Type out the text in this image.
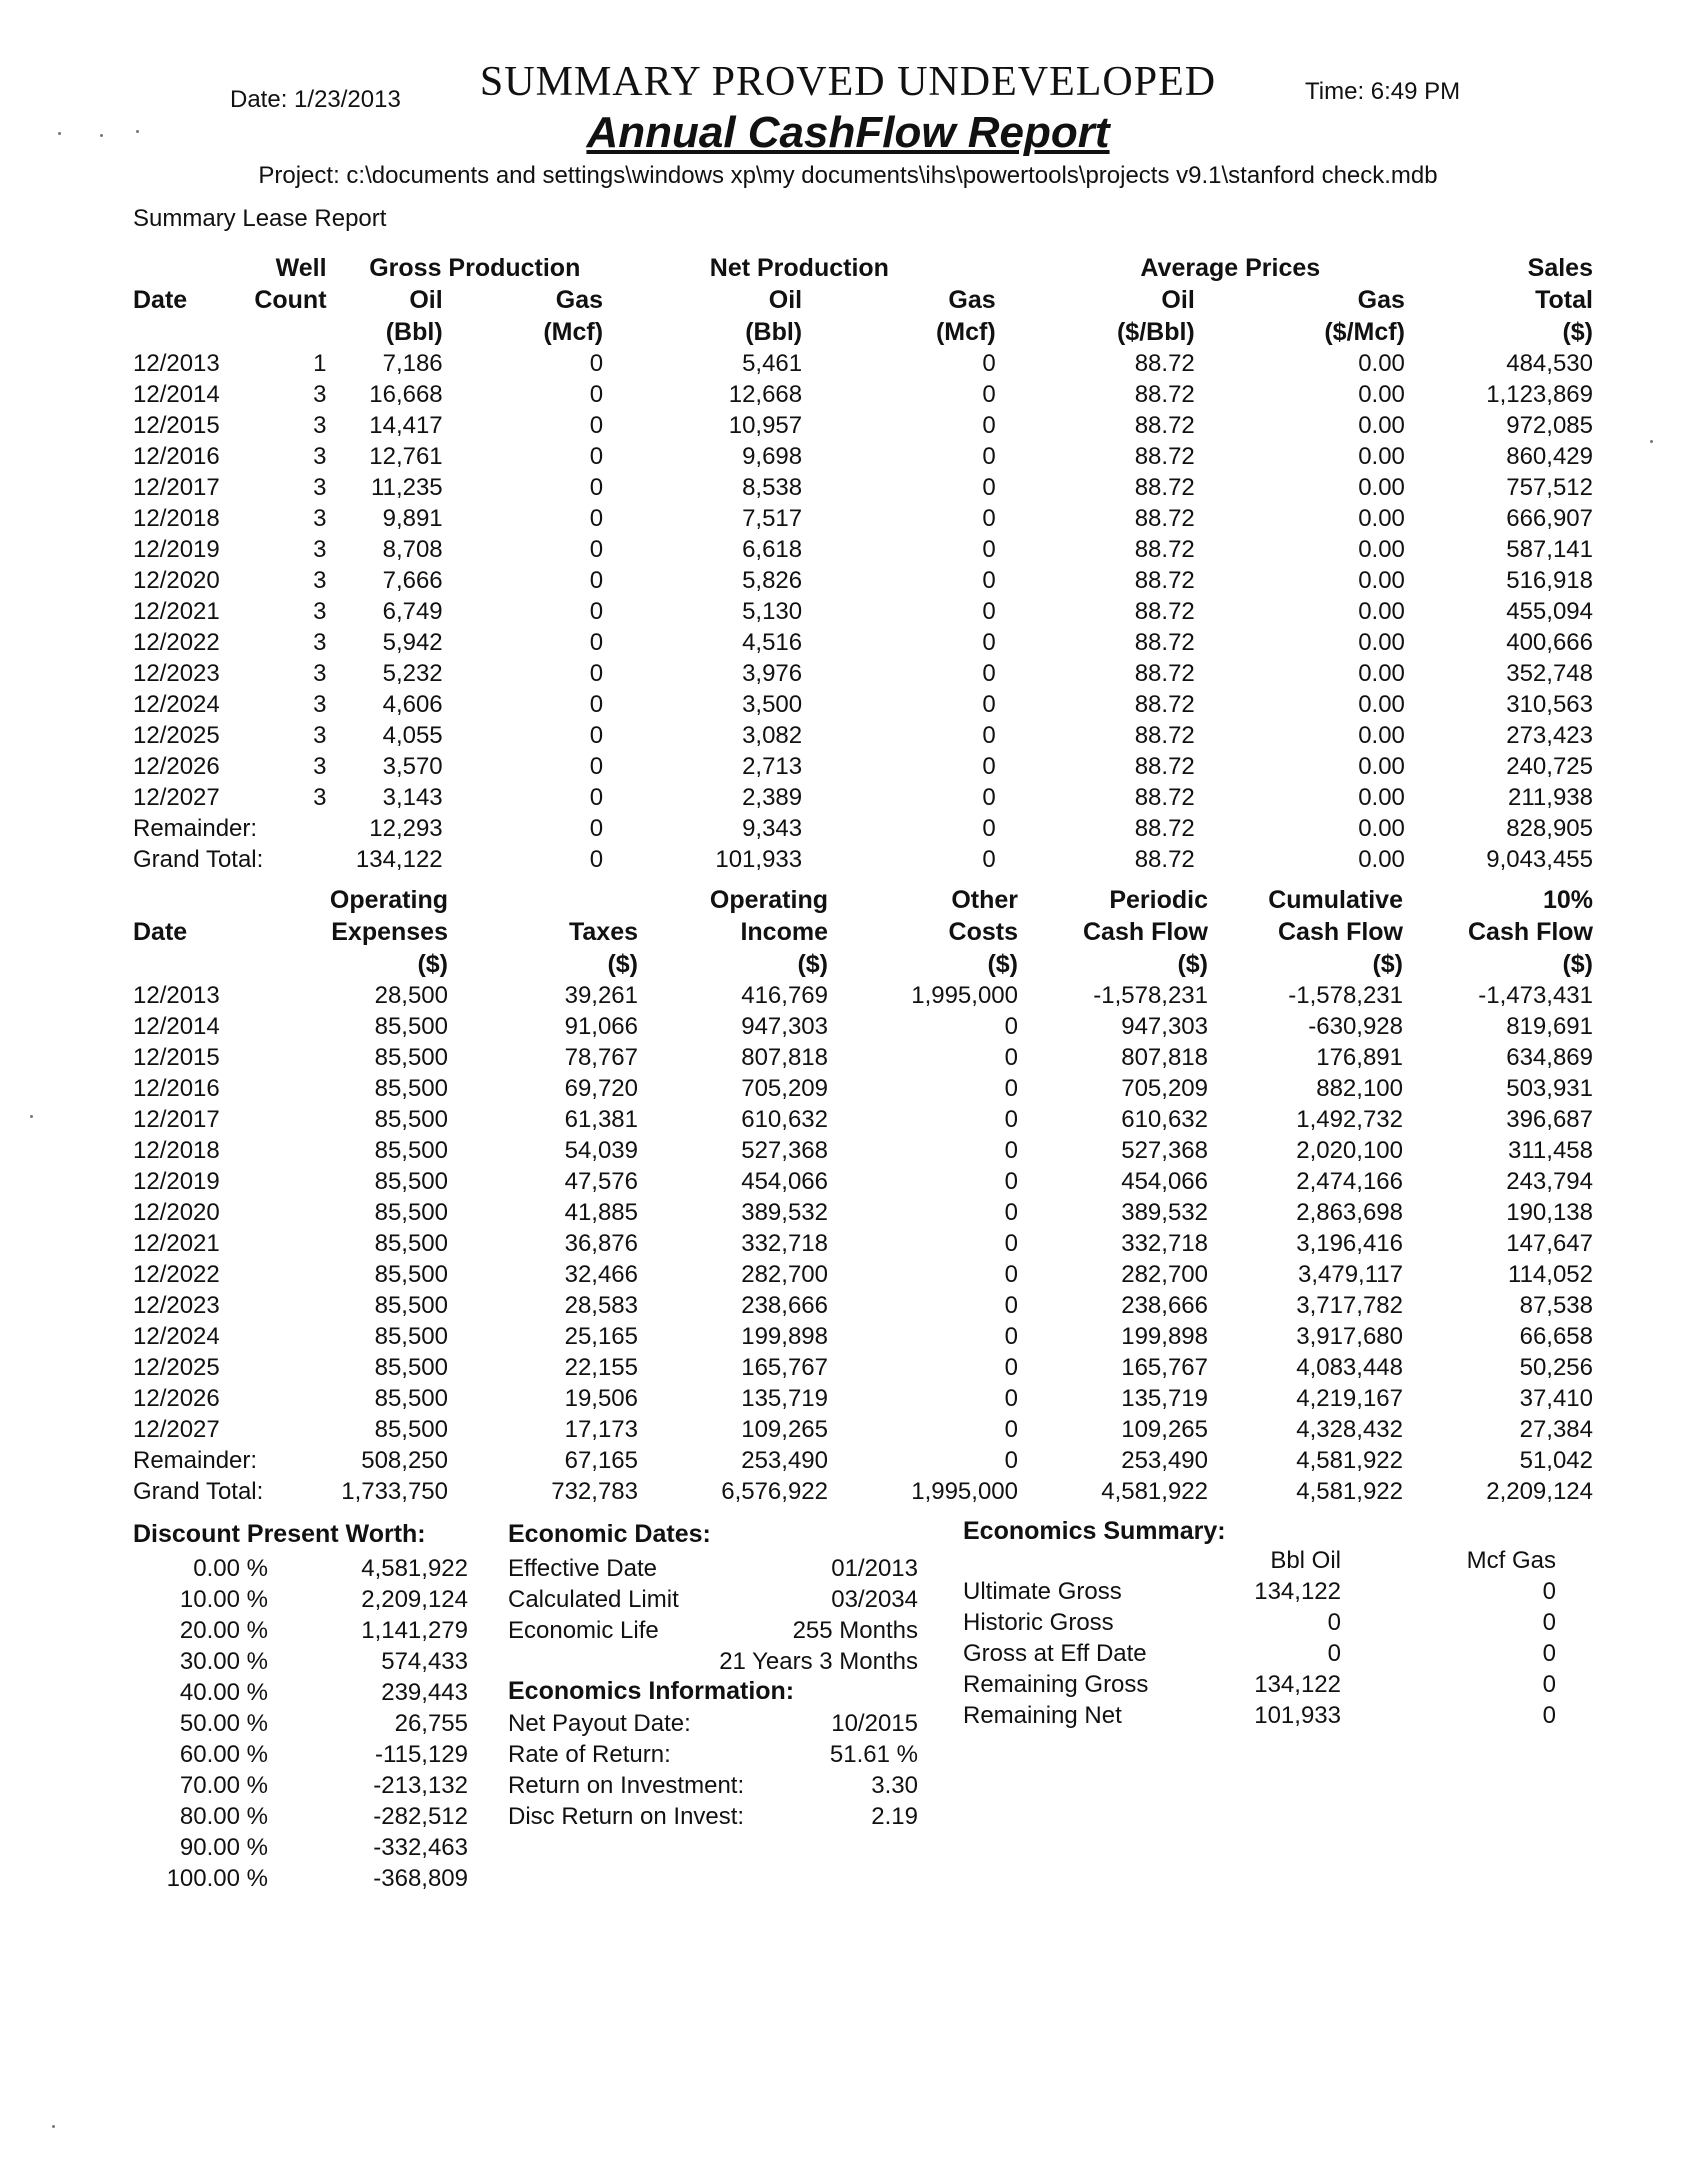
Date: 1/23/2013	SUMMARY PROVED UNDEVELOPED	Time: 6:49 PM
Annual CashFlow Report
Project: c:\documents and settings\windows xp\my documents\ihs\powertools\projects v9.1\stanford check.mdb
Summary Lease Report
	Well	Gross Production		Net Production		Average Prices		Sales
Date	Count	Oil	Gas	Oil	Gas	Oil	Gas	Total
		(Bbl)	(Mcf)	(Bbl)	(Mcf)	($/Bbl)	($/Mcf)	($)
12/2013	1	7,186	0	5,461	0	88.72	0.00	484,530
12/2014	3	16,668	0	12,668	0	88.72	0.00	1,123,869
12/2015	3	14,417	0	10,957	0	88.72	0.00	972,085
12/2016	3	12,761	0	9,698	0	88.72	0.00	860,429
12/2017	3	11,235	0	8,538	0	88.72	0.00	757,512
12/2018	3	9,891	0	7,517	0	88.72	0.00	666,907
12/2019	3	8,708	0	6,618	0	88.72	0.00	587,141
12/2020	3	7,666	0	5,826	0	88.72	0.00	516,918
12/2021	3	6,749	0	5,130	0	88.72	0.00	455,094
12/2022	3	5,942	0	4,516	0	88.72	0.00	400,666
12/2023	3	5,232	0	3,976	0	88.72	0.00	352,748
12/2024	3	4,606	0	3,500	0	88.72	0.00	310,563
12/2025	3	4,055	0	3,082	0	88.72	0.00	273,423
12/2026	3	3,570	0	2,713	0	88.72	0.00	240,725
12/2027	3	3,143	0	2,389	0	88.72	0.00	211,938
Remainder:		12,293	0	9,343	0	88.72	0.00	828,905
Grand Total:		134,122	0	101,933	0	88.72	0.00	9,043,455
	Operating		Operating	Other	Periodic	Cumulative	10%
Date	Expenses	Taxes	Income	Costs	Cash Flow	Cash Flow	Cash Flow
	($)	($)	($)	($)	($)	($)	($)
12/2013	28,500	39,261	416,769	1,995,000	-1,578,231	-1,578,231	-1,473,431
12/2014	85,500	91,066	947,303	0	947,303	-630,928	819,691
12/2015	85,500	78,767	807,818	0	807,818	176,891	634,869
12/2016	85,500	69,720	705,209	0	705,209	882,100	503,931
12/2017	85,500	61,381	610,632	0	610,632	1,492,732	396,687
12/2018	85,500	54,039	527,368	0	527,368	2,020,100	311,458
12/2019	85,500	47,576	454,066	0	454,066	2,474,166	243,794
12/2020	85,500	41,885	389,532	0	389,532	2,863,698	190,138
12/2021	85,500	36,876	332,718	0	332,718	3,196,416	147,647
12/2022	85,500	32,466	282,700	0	282,700	3,479,117	114,052
12/2023	85,500	28,583	238,666	0	238,666	3,717,782	87,538
12/2024	85,500	25,165	199,898	0	199,898	3,917,680	66,658
12/2025	85,500	22,155	165,767	0	165,767	4,083,448	50,256
12/2026	85,500	19,506	135,719	0	135,719	4,219,167	37,410
12/2027	85,500	17,173	109,265	0	109,265	4,328,432	27,384
Remainder:	508,250	67,165	253,490	0	253,490	4,581,922	51,042
Grand Total:	1,733,750	732,783	6,576,922	1,995,000	4,581,922	4,581,922	2,209,124
Discount Present Worth:
0.00 %	4,581,922
10.00 %	2,209,124
20.00 %	1,141,279
30.00 %	574,433
40.00 %	239,443
50.00 %	26,755
60.00 %	-115,129
70.00 %	-213,132
80.00 %	-282,512
90.00 %	-332,463
100.00 %	-368,809
Economic Dates:
Effective Date	01/2013
Calculated Limit	03/2034
Economic Life	255 Months
	21 Years 3 Months
Economics Information:
Net Payout Date:	10/2015
Rate of Return:	51.61 %
Return on Investment:	3.30
Disc Return on Invest:	2.19
Economics Summary:
	Bbl Oil	Mcf Gas
Ultimate Gross	134,122	0
Historic Gross	0	0
Gross at Eff Date	0	0
Remaining Gross	134,122	0
Remaining Net	101,933	0
